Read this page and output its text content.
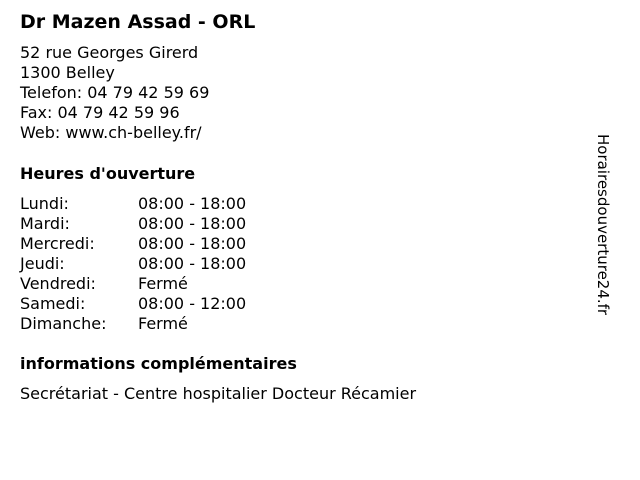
Dr Mazen Assad - ORL
52 rue Georges Girerd
1300 Belley
Telefon: 04 79 42 59 69
Fax: 04 79 42 59 96
Web: www.ch-belley.fr/
Heures d'ouverture
Lundi:	08:00 - 18:00
Mardi:	08:00 - 18:00
Mercredi:	08:00 - 18:00
Jeudi:	08:00 - 18:00
Vendredi:	Fermé
Samedi:	08:00 - 12:00
Dimanche: Fermé
informations complémentaires
Secrétariat - Centre hospitalier Docteur Récamier
Horairesdouverture24.fr
